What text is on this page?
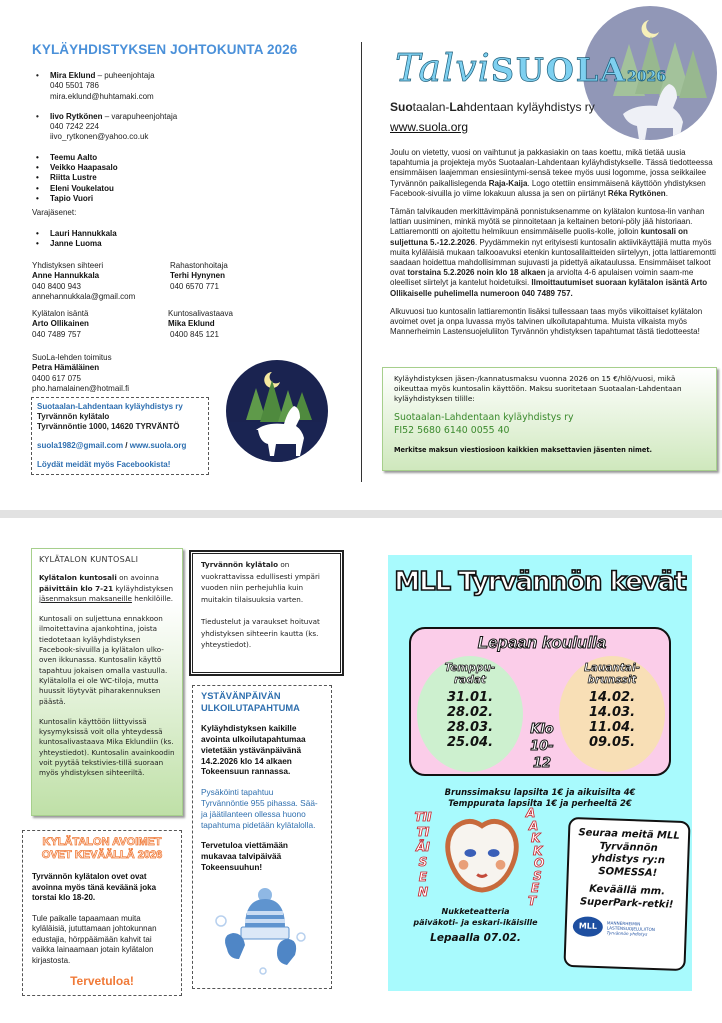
KYLÄYHDISTYKSEN JOHTOKUNTA 2026
• Mira Eklund – puheenjohtaja
040 5501 786
mira.eklund@huhtamaki.com
• Iivo Rytkönen – varapuheenjohtaja
040 7242 224
iivo_rytkonen@yahoo.co.uk
• Teemu Aalto
• Veikko Haapasalo
• Riitta Lustre
• Eleni Voukelatou
• Tapio Vuori
Varajäsenet:
• Lauri Hannukkala
• Janne Luoma
Yhdistyksen sihteeri
Anne Hannukkala
040 8400 943
annehannukkala@gmail.com
Rahastonhoitaja
Terhi Hynynen
040 6570 771
Kylätalon isäntä
Arto Ollikainen
040 7489 757
Kuntosalivastaava
Mika Eklund
0400 845 121
SuoLa-lehden toimitus
Petra Hämäläinen
0400 617 075
pho.hamalainen@hotmail.fi
Suotaalan-Lahdentaan kyläyhdistys ry
Tyrvännön kylätalo
Tyrvännöntie 1000, 14620 TYRVÄNTÖ
suola1982@gmail.com / www.suola.org
Löydät meidät myös Facebookista!
TalviSUOLA2026
Suotaalan-Lahdentaan kyläyhdistys ry
www.suola.org
Joulu on vietetty, vuosi on vaihtunut ja pakkasiakin on taas koettu, mikä tietää uusia tapahtumia ja projekteja myös Suotaalan-Lahdentaan kyläyhdistykselle. Tässä tiedotteessa ensimmäisen laajemman ensiesiintymi-sensä tekee myös uusi logomme, jossa seikkailee Tyrvännön paikallislegenda Raja-Kaija. Logo otettiin ensimmäisenä käyttöön yhdistyksen Facebook-sivuilla jo viime lokakuun alussa ja sen on piirtänyt Réka Rytkönen.
Tämän talvikauden merkittävimpänä ponnistuksenamme on kylätalon kuntosa-lin vanhan lattian uusiminen, minkä myötä se pinnoitetaan ja keltainen betoni-pöly jää historiaan. Lattiaremontti on ajoitettu helmikuun ensimmäiselle puolis-kolle, jolloin kuntosali on suljettuna 5.-12.2.2026. Pyydämmekin nyt erityisesti kuntosalin aktiivikäyttäjiä mutta myös muita kyläläisiä mukaan talkooavuksi etenkin kuntosalilaitteiden siirtelyyn, jotta lattiaremontti saadaan hoidettua mahdollisimman sujuvasti ja pidettyä aikataulussa. Ensimmäiset talkoot ovat torstaina 5.2.2026 noin klo 18 alkaen ja arviolta 4-6 apulaisen voimin saam-me oleelliset siirtelyt ja kantelut hoidetuiksi. Ilmoittautumiset suoraan kylätalon isäntä Arto Ollikaiselle puhelimella numeroon 040 7489 757.
Alkuvuosi tuo kuntosalin lattiaremontin lisäksi tullessaan taas myös viikoittaiset kylätalon avoimet ovet ja onpa luvassa myös talvinen ulkoilutapahtuma. Muista vilkaista myös Mannerheimin Lastensuojeluliiton Tyrvännön yhdistyksen tapahtumat tästä tiedotteesta!
Kyläyhdistyksen jäsen-/kannatusmaksu vuonna 2026 on 15 €/hlö/vuosi, mikä oikeuttaa myös kuntosalin käyttöön. Maksu suoritetaan Suotaalan-Lahdentaan kyläyhdistyksen tilille:
Suotaalan-Lahdentaan kyläyhdistys ry
FI52 5680 6140 0055 40
Merkitse maksun viestiosioon kaikkien maksettavien jäsenten nimet.
KYLÄTALON KUNTOSALI
Kylätalon kuntosali on avoinna päivittäin klo 7-21 kyläyhdistyksen jäsenmaksun maksaneille henkilöille.
Kuntosali on suljettuna ennakkoon ilmoitettavina ajankohtina, joista tiedotetaan kyläyhdistyksen Facebook-sivuilla ja kylätalon ulko-oven ikkunassa. Kuntosalin käyttö tapahtuu jokaisen omalla vastuulla. Kylätalolla ei ole WC-tiloja, mutta huussit löytyvät piharakennuksen päästä.
Kuntosalin käyttöön liittyvissä kysymyksissä voit olla yhteydessä kuntosalivastaava Mika Eklundiin (ks. yhteystiedot). Kuntosalin avainkoodin voit pyytää tekstivies-tillä suoraan myös yhdistyksen sihteeriltä.
Tyrvännön kylätalo on vuokrattavissa edullisesti ympäri vuoden niin perhejuhlia kuin muitakin tilaisuuksia varten.
Tiedustelut ja varaukset hoituvat yhdistyksen sihteerin kautta (ks. yhteystiedot).
KYLÄTALON AVOIMET OVET KEVÄÄLLÄ 2026
Tyrvännön kylätalon ovet ovat avoinna myös tänä keväänä joka torstai klo 18-20.
Tule paikalle tapaamaan muita kyläläisiä, jututtamaan johtokunnan edustajia, hörppäämään kahvit tai vaikka lainaamaan jotain kylätalon kirjastosta.
Tervetuloa!
YSTÄVÄNPÄIVÄN ULKOILUTAPAHTUMA
Kyläyhdistyksen kaikille avointa ulkoilutapahtumaa vietetään ystävänpäivänä 14.2.2026 klo 14 alkaen Tokeensuun rannassa.
Pysäköinti tapahtuu Tyrvännöntie 955 pihassa. Sää- ja jäätilanteen ollessa huono tapahtuma pidetään kylätalolla.
Tervetuloa viettämään mukavaa talvipäivää Tokeensuuhun!
MLL Tyrvännön kevät
Lepaan koululla
Temppu-radat
31.01.
28.02.
28.03.
25.04.
Lauantai-brunssit
14.02.
14.03.
11.04.
09.05.
Klo
10-12
Brunssimaksu lapsilta 1€ ja aikuisilta 4€
Temppurata lapsilta 1€ ja perheeltä 2€
TII
TI
ÄI
S
E
N
A
A
K
K
O
S
E
T
Nukketeatteria
päiväkoti- ja eskari-ikäisille
Lepaalla 07.02.
Seuraa meitä MLL Tyrvännön yhdistys ry:n SOMESSA!
Keväällä mm. SuperPark-retki!
MLL	MANNERHEIMIN
LASTENSUOJELULIITON
Tyrvännön yhdistys
